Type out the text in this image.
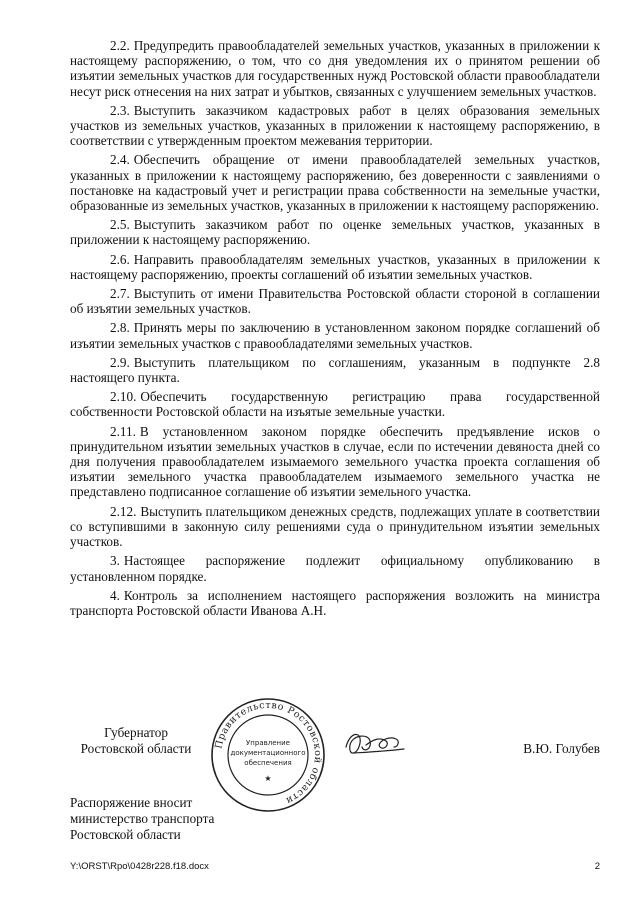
2.2. Предупредить правообладателей земельных участков, указанных в приложении к настоящему распоряжению, о том, что со дня уведомления их о принятом решении об изъятии земельных участков для государственных нужд Ростовской области правообладатели несут риск отнесения на них затрат и убытков, связанных с улучшением земельных участков.

2.3. Выступить заказчиком кадастровых работ в целях образования земельных участков из земельных участков, указанных в приложении к настоящему распоряжению, в соответствии с утвержденным проектом межевания территории.

2.4. Обеспечить обращение от имени правообладателей земельных участков, указанных в приложении к настоящему распоряжению, без доверенности с заявлениями о постановке на кадастровый учет и регистрации права собственности на земельные участки, образованные из земельных участков, указанных в приложении к настоящему распоряжению.

2.5. Выступить заказчиком работ по оценке земельных участков, указанных в приложении к настоящему распоряжению.

2.6. Направить правообладателям земельных участков, указанных в приложении к настоящему распоряжению, проекты соглашений об изъятии земельных участков.

2.7. Выступить от имени Правительства Ростовской области стороной в соглашении об изъятии земельных участков.

2.8. Принять меры по заключению в установленном законом порядке соглашений об изъятии земельных участков с правообладателями земельных участков.

2.9. Выступить плательщиком по соглашениям, указанным в подпункте 2.8 настоящего пункта.

2.10. Обеспечить государственную регистрацию права государственной собственности Ростовской области на изъятые земельные участки.

2.11. В установленном законом порядке обеспечить предъявление исков о принудительном изъятии земельных участков в случае, если по истечении девяноста дней со дня получения правообладателем изымаемого земельного участка проекта соглашения об изъятии земельного участка правообладателем изымаемого земельного участка не представлено подписанное соглашение об изъятии земельного участка.

2.12. Выступить плательщиком денежных средств, подлежащих уплате в соответствии со вступившими в законную силу решениями суда о принудительном изъятии земельных участков.

3. Настоящее распоряжение подлежит официальному опубликованию в установленном порядке.

4. Контроль за исполнением настоящего распоряжения возложить на министра транспорта Ростовской области Иванова А.Н.

Губернатор
Ростовской области	Правительство Ростовской области
Управление
документационного
обеспечения
★
В.Ю. Голубев
Распоряжение вносит
министерство транспорта
Ростовской области
Y:\ORST\Rpo\0428r228.f18.docx	2
